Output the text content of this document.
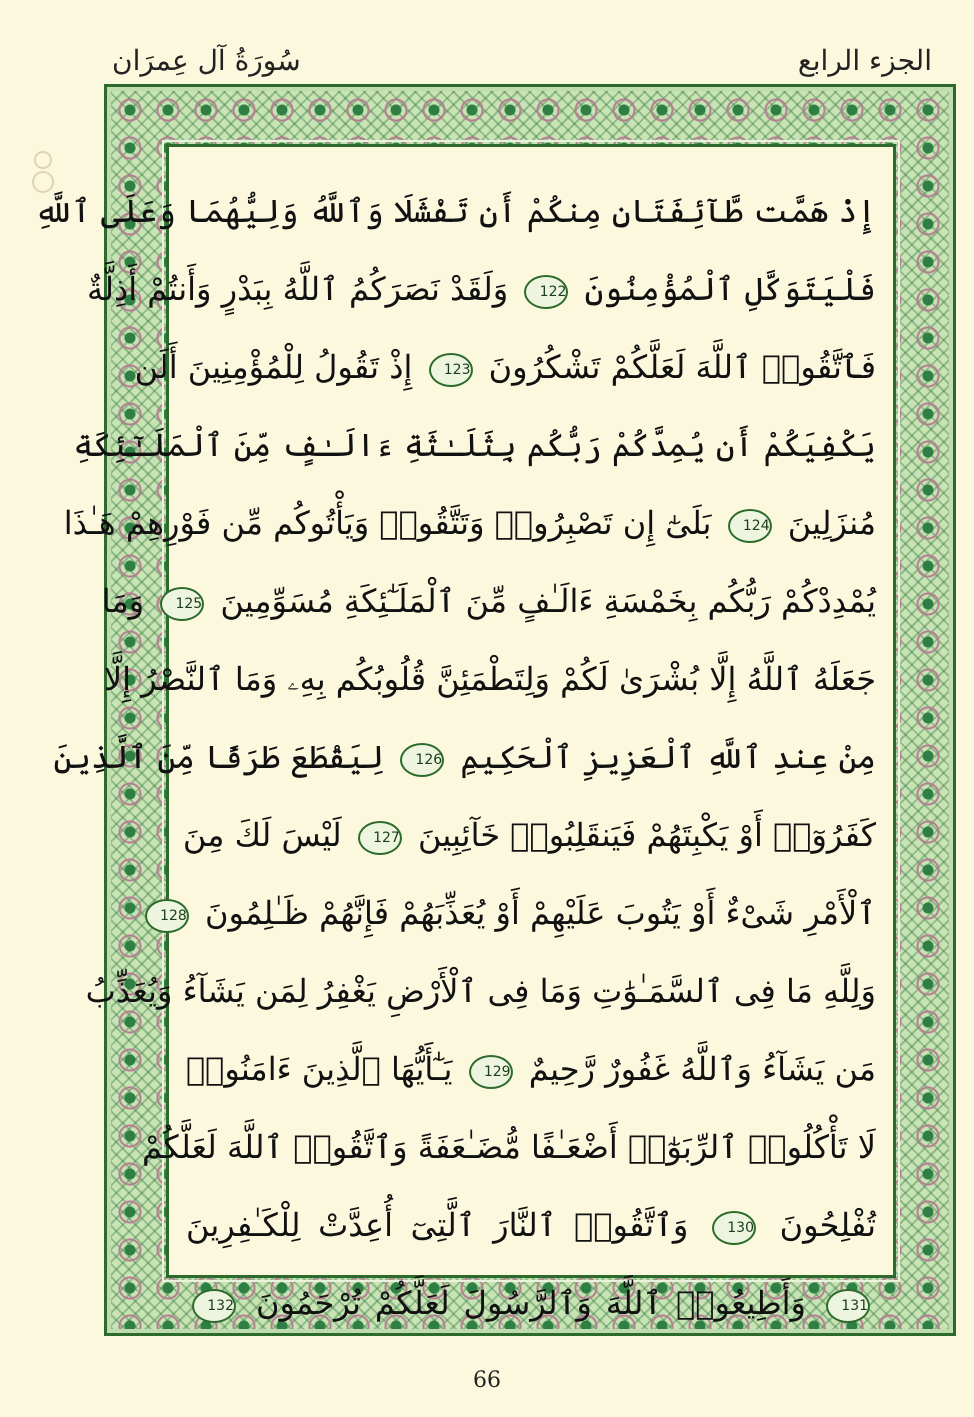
سُورَةُ آل عِمرَان	الجزء الرابع
إِذْ هَمَّت طَّآئِفَتَانِ مِنكُمْ أَن تَفْشَلَا وَٱللَّهُ وَلِيُّهُمَا وَعَلَى ٱللَّهِ
فَلْيَتَوَكَّلِ ٱلْمُؤْمِنُونَ 122 وَلَقَدْ نَصَرَكُمُ ٱللَّهُ بِبَدْرٍ وَأَنتُمْ أَذِلَّةٌ
فَٱتَّقُوا۟ ٱللَّهَ لَعَلَّكُمْ تَشْكُرُونَ 123 إِذْ تَقُولُ لِلْمُؤْمِنِينَ أَلَن
يَكْفِيَكُمْ أَن يُمِدَّكُمْ رَبُّكُم بِثَلَـٰثَةِ ءَالَـٰفٍ مِّنَ ٱلْمَلَـٰٓئِكَةِ
مُنزَلِينَ 124 بَلَىٰٓ إِن تَصْبِرُوا۟ وَتَتَّقُوا۟ وَيَأْتُوكُم مِّن فَوْرِهِمْ هَـٰذَا
يُمْدِدْكُمْ رَبُّكُم بِخَمْسَةِ ءَالَـٰفٍ مِّنَ ٱلْمَلَـٰٓئِكَةِ مُسَوِّمِينَ 125 وَمَا
جَعَلَهُ ٱللَّهُ إِلَّا بُشْرَىٰ لَكُمْ وَلِتَطْمَئِنَّ قُلُوبُكُم بِهِۦ وَمَا ٱلنَّصْرُ إِلَّا
مِنْ عِندِ ٱللَّهِ ٱلْعَزِيزِ ٱلْحَكِيمِ 126 لِيَقْطَعَ طَرَفًا مِّنَ ٱلَّذِينَ
كَفَرُوٓا۟ أَوْ يَكْبِتَهُمْ فَيَنقَلِبُوا۟ خَآئِبِينَ 127 لَيْسَ لَكَ مِنَ
ٱلْأَمْرِ شَىْءٌ أَوْ يَتُوبَ عَلَيْهِمْ أَوْ يُعَذِّبَهُمْ فَإِنَّهُمْ ظَـٰلِمُونَ 128
وَلِلَّهِ مَا فِى ٱلسَّمَـٰوَٰتِ وَمَا فِى ٱلْأَرْضِ يَغْفِرُ لِمَن يَشَآءُ وَيُعَذِّبُ
مَن يَشَآءُ وَٱللَّهُ غَفُورٌ رَّحِيمٌ 129 يَـٰٓأَيُّهَا ٱلَّذِينَ ءَامَنُوا۟
لَا تَأْكُلُوا۟ ٱلرِّبَوٰٓا۟ أَضْعَـٰفًا مُّضَـٰعَفَةً وَٱتَّقُوا۟ ٱللَّهَ لَعَلَّكُمْ
تُفْلِحُونَ 130 وَٱتَّقُوا۟ ٱلنَّارَ ٱلَّتِىٓ أُعِدَّتْ لِلْكَـٰفِرِينَ
131 وَأَطِيعُوا۟ ٱللَّهَ وَٱلرَّسُولَ لَعَلَّكُمْ تُرْحَمُونَ 132
66
